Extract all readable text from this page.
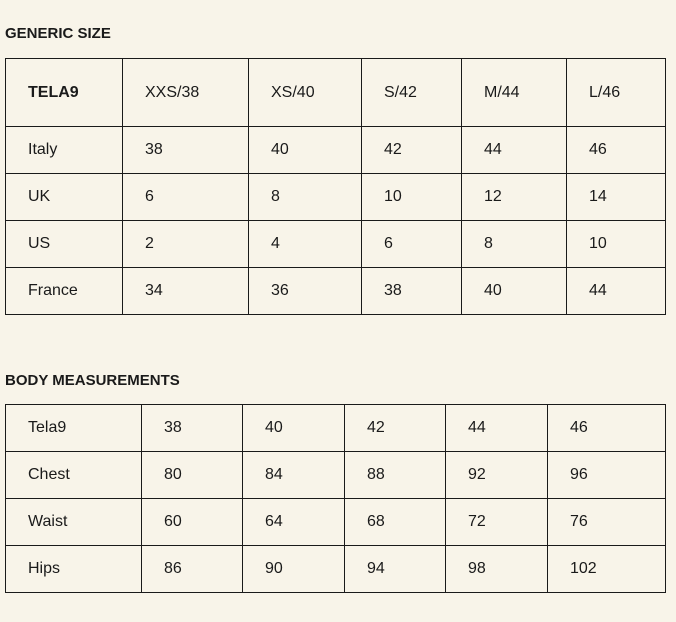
GENERIC SIZE
TELA9	XXS/38	XS/40	S/42	M/44	L/46
Italy	38	40	42	44	46
UK	6	8	10	12	14
US	2	4	6	8	10
France	34	36	38	40	44
BODY MEASUREMENTS
Tela9	38	40	42	44	46
Chest	80	84	88	92	96
Waist	60	64	68	72	76
Hips	86	90	94	98	102
